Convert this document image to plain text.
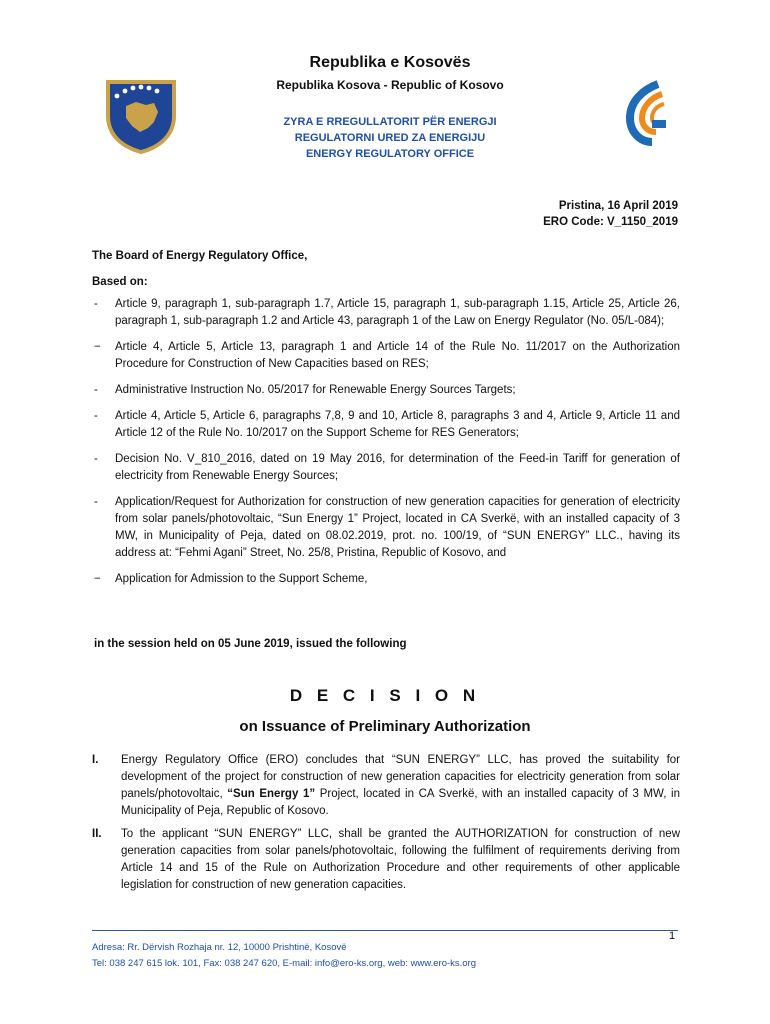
Republika e Kosovës
Republika Kosova - Republic of Kosovo
ZYRA E RREGULLATORIT PËR ENERGJI
REGULATORNI URED ZA ENERGIJU
ENERGY REGULATORY OFFICE
Pristina, 16 April 2019
ERO Code: V_1150_2019
The Board of Energy Regulatory Office,
Based on:
- Article 9, paragraph 1, sub-paragraph 1.7, Article 15, paragraph 1, sub-paragraph 1.15, Article 25, Article 26, paragraph 1, sub-paragraph 1.2 and Article 43, paragraph 1 of the Law on Energy Regulator (No. 05/L-084);
− Article 4, Article 5, Article 13, paragraph 1 and Article 14 of the Rule No. 11/2017 on the Authorization Procedure for Construction of New Capacities based on RES;
- Administrative Instruction No. 05/2017 for Renewable Energy Sources Targets;
- Article 4, Article 5, Article 6, paragraphs 7,8, 9 and 10, Article 8, paragraphs 3 and 4, Article 9, Article 11 and Article 12 of the Rule No. 10/2017 on the Support Scheme for RES Generators;
- Decision No. V_810_2016, dated on 19 May 2016, for determination of the Feed-in Tariff for generation of electricity from Renewable Energy Sources;
- Application/Request for Authorization for construction of new generation capacities for generation of electricity from solar panels/photovoltaic, “Sun Energy 1” Project, located in CA Sverkë, with an installed capacity of 3 MW, in Municipality of Peja, dated on 08.02.2019, prot. no. 100/19, of “SUN ENERGY” LLC., having its address at: “Fehmi Agani” Street, No. 25/8, Pristina, Republic of Kosovo, and
− Application for Admission to the Support Scheme,
in the session held on 05 June 2019, issued the following
D E C I S I O N
on Issuance of Preliminary Authorization
I. Energy Regulatory Office (ERO) concludes that “SUN ENERGY” LLC, has proved the suitability for development of the project for construction of new generation capacities for electricity generation from solar panels/photovoltaic, “Sun Energy 1” Project, located in CA Sverkë, with an installed capacity of 3 MW, in Municipality of Peja, Republic of Kosovo.
II. To the applicant “SUN ENERGY” LLC, shall be granted the AUTHORIZATION for construction of new generation capacities from solar panels/photovoltaic, following the fulfilment of requirements deriving from Article 14 and 15 of the Rule on Authorization Procedure and other requirements of other applicable legislation for construction of new generation capacities.
1
Adresa: Rr. Dërvish Rozhaja nr. 12, 10000 Prishtinë, Kosovë
Tel: 038 247 615 lok. 101, Fax: 038 247 620, E-mail: info@ero-ks.org, web: www.ero-ks.org
